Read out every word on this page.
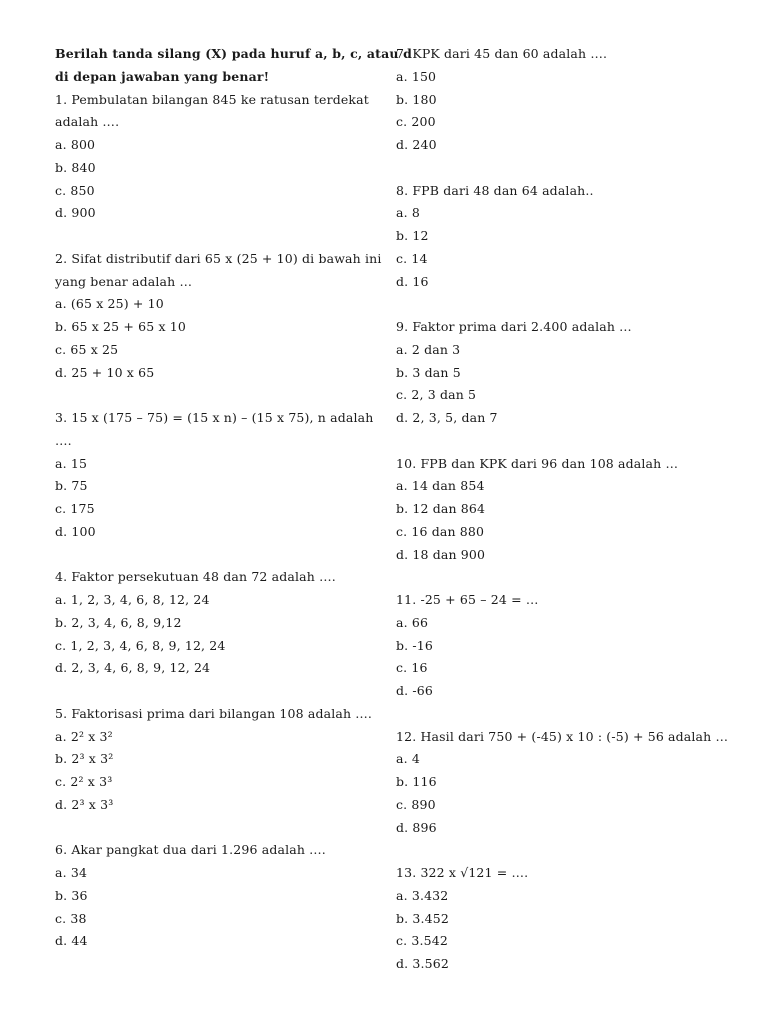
Berilah tanda silang (X) pada huruf a, b, c, atau d
di depan jawaban yang benar!
1. Pembulatan bilangan 845 ke ratusan terdekat
adalah ….
a. 800
b. 840
c. 850
d. 900
2. Sifat distributif dari 65 x (25 + 10) di bawah ini
yang benar adalah …
a. (65 x 25) + 10
b. 65 x 25 + 65 x 10
c. 65 x 25
d. 25 + 10 x 65
3. 15 x (175 – 75) = (15 x n) – (15 x 75), n adalah
….
a. 15
b. 75
c. 175
d. 100
4. Faktor persekutuan 48 dan 72 adalah ….
a. 1, 2, 3, 4, 6, 8, 12, 24
b. 2, 3, 4, 6, 8, 9,12
c. 1, 2, 3, 4, 6, 8, 9, 12, 24
d. 2, 3, 4, 6, 8, 9, 12, 24
5. Faktorisasi prima dari bilangan 108 adalah ….
a. 2² x 3²
b. 2³ x 3²
c. 2² x 3³
d. 2³ x 3³
6. Akar pangkat dua dari 1.296 adalah ….
a. 34
b. 36
c. 38
d. 44
7. KPK dari 45 dan 60 adalah ….
a. 150
b. 180
c. 200
d. 240
8. FPB dari 48 dan 64 adalah..
a. 8
b. 12
c. 14
d. 16
9. Faktor prima dari 2.400 adalah …
a. 2 dan 3
b. 3 dan 5
c. 2, 3 dan 5
d. 2, 3, 5, dan 7
10. FPB dan KPK dari 96 dan 108 adalah …
a. 14 dan 854
b. 12 dan 864
c. 16 dan 880
d. 18 dan 900
11. -25 + 65 – 24 = …
a. 66
b. -16
c. 16
d. -66
12. Hasil dari 750 + (-45) x 10 : (-5) + 56 adalah …
a. 4
b. 116
c. 890
d. 896
13. 322 x √121 = ….
a. 3.432
b. 3.452
c. 3.542
d. 3.562
